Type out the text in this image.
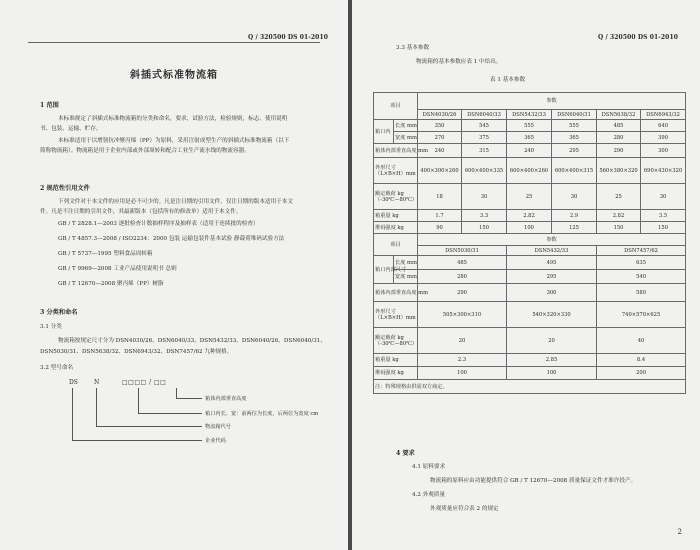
Q / 320500 DS 01-2010
斜插式标准物流箱
1 范围
本标准规定了斜插式标准物流箱的分类和命名，要求，试验方法，检验规则，标志、使用说明
书、包装、运输、贮存。
本标准适用于以增韧抗冲聚丙烯（PP）为原料，采用注射成型生产的斜插式标准物流箱（以下
简称物流箱）。物流箱是用于企业内部或外部周转和配合工业生产流水线的物流容器。
2 规范性引用文件
下列文件对于本文件的应用是必不可少的。凡是注日期的引用文件，仅注日期的版本适用于本文
件。凡是不注日期的引用文件，其最新版本（包括所有的修改单）适用于本文件。
GB / T 2828.1—2003 逐批检查计数抽样程序及抽样表（适用于连续批的检查）
GB / T 4857.3—2008 / ISO2234：2000 包装 运输包装件基本试验 静载荷堆码试验方法
GB / T 5737—1995 塑料食品周转箱
GB / T 9969—2008 工业产品使用说明书 总则
GB / T 12670—2008 聚丙烯（PP）树脂
3 分类和命名
3.1 分类
物流箱按规定尺寸分为 DSN4030/26、DSN6040/33、DSN5432/33、DSN6040/26、DSN6040/31、
DSN5030/31、DSN5638/32、DSN6943/32、DSN7457/62 九种规格。
3.2 型号命名
DS	N	□□□□ / □□
箱体内部垂直高度
箱口内长、宽：前两位为长度，后两位为宽度 cm
物流箱代号
企业代码
Q / 320500 DS 01-2010
3.3 基本参数
物流箱的基本参数应表 1 中给出。
表 1 基本参数
项目		参数					
		DSN4030/26	DSN6040/33	DSN5432/33	DSN6040/31	DSN5638/32	DSN6943/32
箱口内	长度 mm	350	545	555	555	485	640
	宽度 mm	270	375	365	365	280	390
箱体内部垂直高度 mm		240	315	240	295	290	300
外形尺寸
（L×B×H）mm		400×300×260	600×400×335	600×400×260	600×400×315	560×380×320	690×430×320
额定载荷 kg
（-30℃—80℃）		18	30	25	30	25	30
箱重量 kg		1.7	3.3	2.82	2.9	2.82	3.5
堆码强度 kg		90	150	100	125	150	150
项目		参数					
		DSN5030/31		DSN5432/33		DSN7457/62	
箱口内部尺寸	长度 mm	485		495		635	
	宽度 mm	280		295		540	
箱体内部垂直高度 mm		290		300		580	
外形尺寸
（L×B×H）mm		505×300×310		540×320×330		740×570×625	
额定载荷 kg
（-30℃—80℃）		20		20		40	
箱重量 kg		2.3		2.85		8.4	
堆码强度 kg		100		100		200	
注：特殊规格由供需双方商定。							
4 要求
4.1 原料要求
物流箱的原料应由功能提供符合 GB / T 12670—2008 质量保证文件才准许投产。
4.2 外观质量
外观质量应符合表 2 的规定
2
